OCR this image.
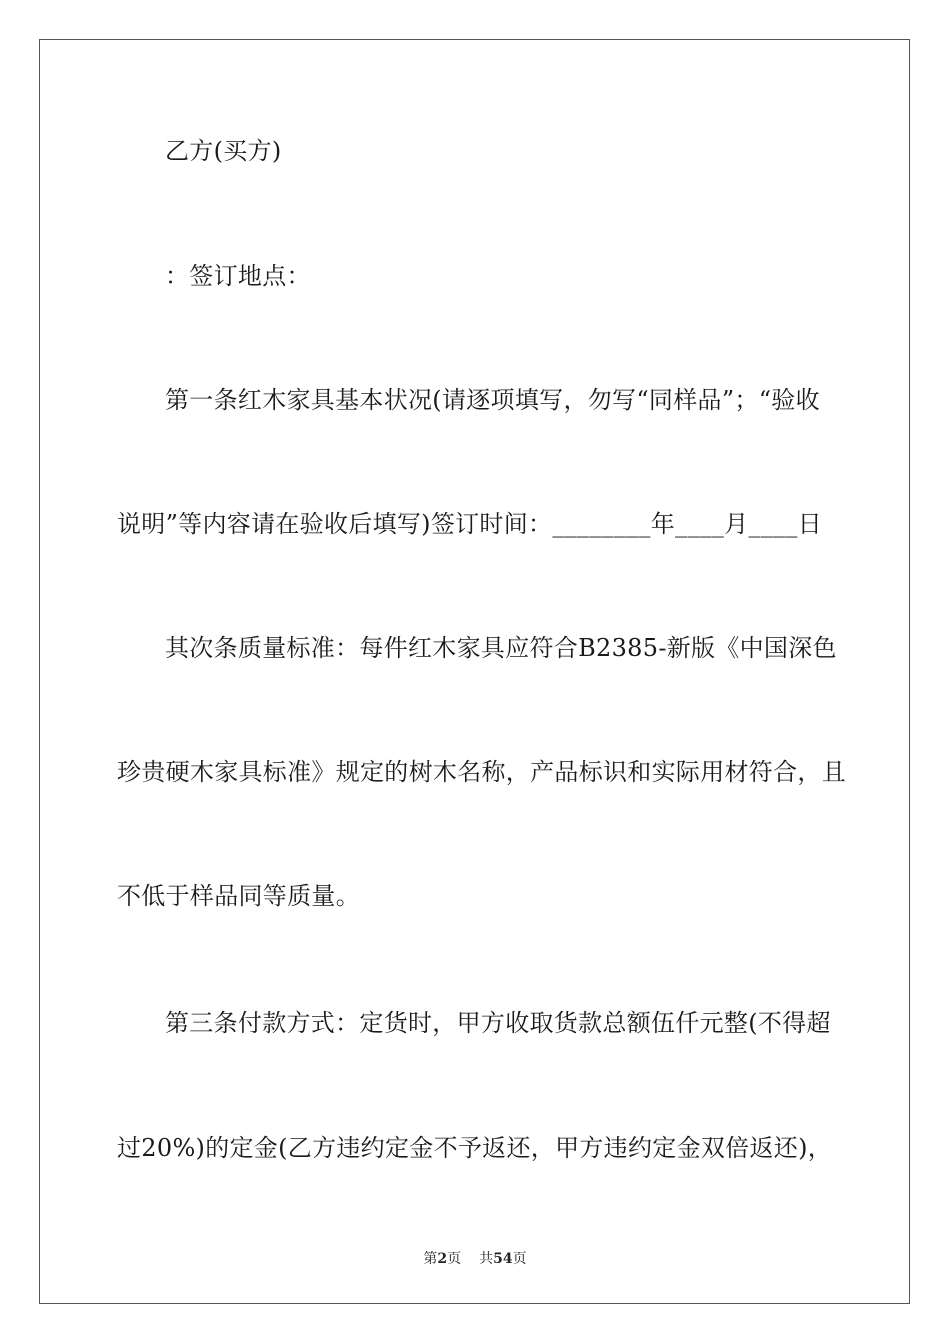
乙方(买方)
：签订地点：
第一条红木家具基本状况(请逐项填写，勿写“同样品”；“验收
说明”等内容请在验收后填写)签订时间：________年____月____日
其次条质量标准：每件红木家具应符合B2385-新版《中国深色
珍贵硬木家具标准》规定的树木名称，产品标识和实际用材符合，且
不低于样品同等质量。
第三条付款方式：定货时，甲方收取货款总额伍仟元整(不得超
过20%)的定金(乙方违约定金不予返还，甲方违约定金双倍返还)，
第2页 共54页
